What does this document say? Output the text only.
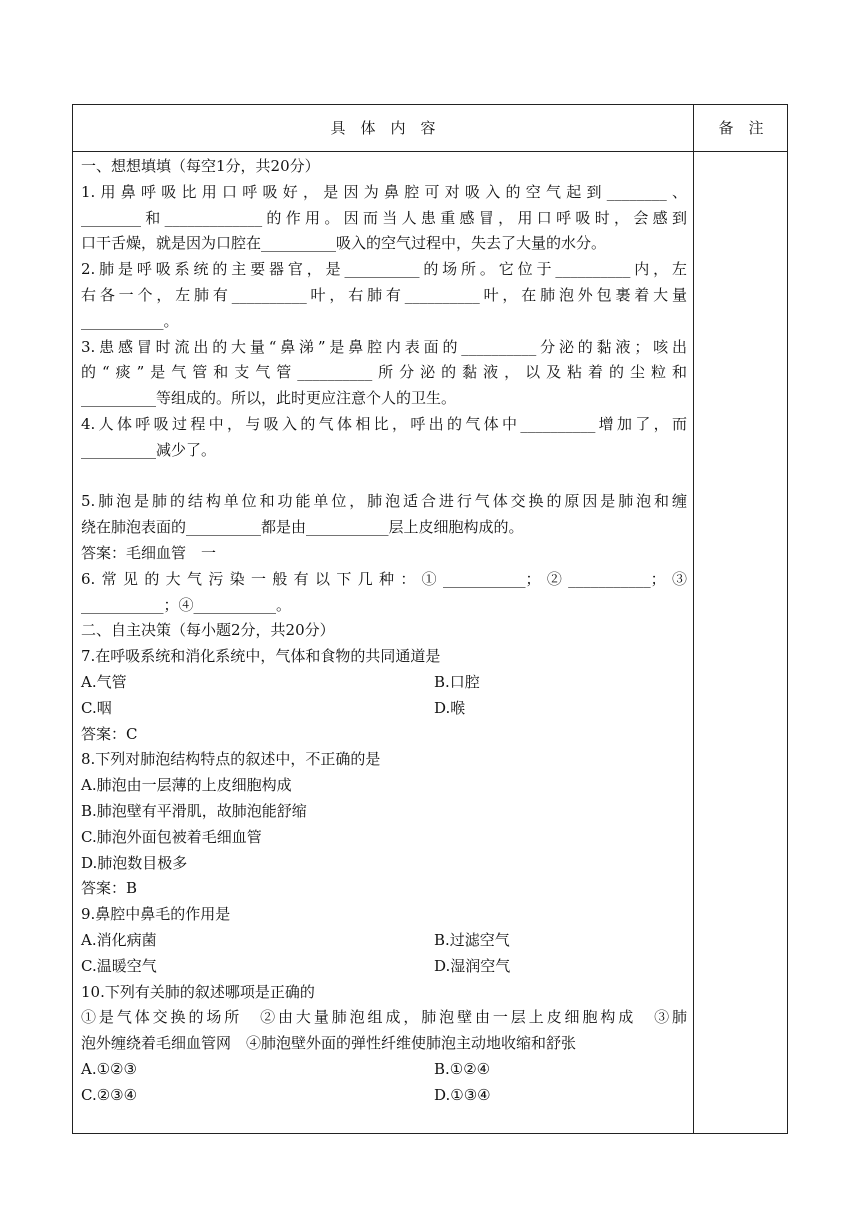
具　体　内　容	备　注
一、想想填填（每空1分，共20分）
1.用鼻呼吸比用口呼吸好，是因为鼻腔可对吸入的空气起到________、
________和_____________的作用。因而当人患重感冒，用口呼吸时，会感到
口干舌燥，就是因为口腔在__________吸入的空气过程中，失去了大量的水分。
2.肺是呼吸系统的主要器官，是__________的场所。它位于__________内，左
右各一个，左肺有__________叶，右肺有__________叶，在肺泡外包裹着大量
___________。
3.患感冒时流出的大量“鼻涕”是鼻腔内表面的__________分泌的黏液；咳出
的“痰”是气管和支气管__________所分泌的黏液，以及粘着的尘粒和
__________等组成的。所以，此时更应注意个人的卫生。
4.人体呼吸过程中，与吸入的气体相比，呼出的气体中__________增加了，而
__________减少了。
5.肺泡是肺的结构单位和功能单位，肺泡适合进行气体交换的原因是肺泡和缠
绕在肺泡表面的__________都是由___________层上皮细胞构成的。
答案：毛细血管　一
6.常见的大气污染一般有以下几种：①___________；②___________；③
___________；④___________。
二、自主决策（每小题2分，共20分）
7.在呼吸系统和消化系统中，气体和食物的共同通道是
A.气管	B.口腔
C.咽	D.喉
答案：C
8.下列对肺泡结构特点的叙述中，不正确的是
A.肺泡由一层薄的上皮细胞构成
B.肺泡壁有平滑肌，故肺泡能舒缩
C.肺泡外面包被着毛细血管
D.肺泡数目极多
答案：B
9.鼻腔中鼻毛的作用是
A.消化病菌	B.过滤空气
C.温暖空气	D.湿润空气
10.下列有关肺的叙述哪项是正确的
①是气体交换的场所　②由大量肺泡组成，肺泡壁由一层上皮细胞构成　③肺
泡外缠绕着毛细血管网　④肺泡壁外面的弹性纤维使肺泡主动地收缩和舒张
A.①②③	B.①②④
C.②③④	D.①③④
